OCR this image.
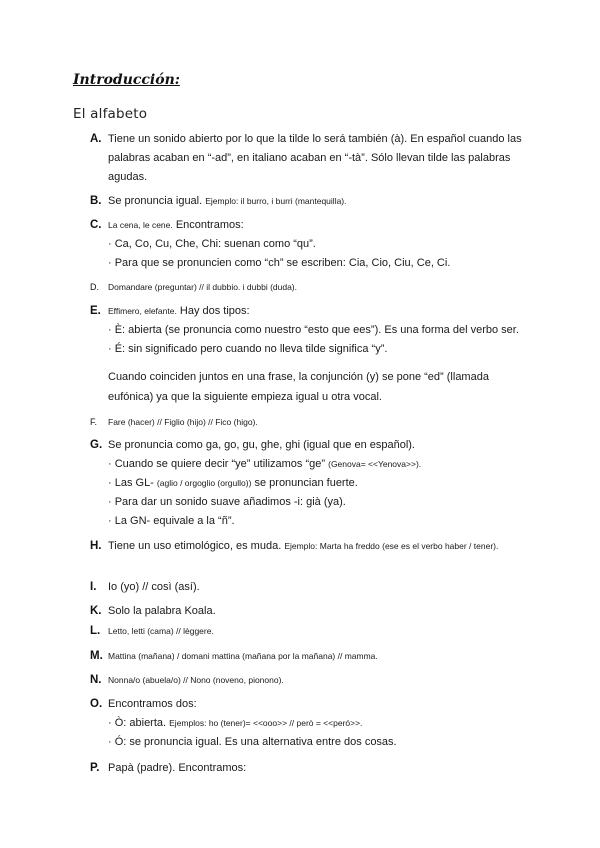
Introducción:
El alfabeto
A. Tiene un sonido abierto por lo que la tilde lo será también (à). En español cuando las palabras acaban en “-ad”, en italiano acaban en “-tà”. Sólo llevan tilde las palabras agudas.
B. Se pronuncia igual. Ejemplo: il burro, i burri (mantequilla).
C. La cena, le cene. Encontramos:
· Ca, Co, Cu, Che, Chi: suenan como “qu”.
· Para que se pronuncien como “ch” se escriben: Cia, Cio, Ciu, Ce, Ci.
D. Domandare (preguntar) // il dubbio. i dubbi (duda).
E. Effimero, elefante. Hay dos tipos:
· È: abierta (se pronuncia como nuestro “esto que ees”). Es una forma del verbo ser.
· É: sin significado pero cuando no lleva tilde significa “y”.
Cuando coinciden juntos en una frase, la conjunción (y) se pone “ed” (llamada eufónica) ya que la siguiente empieza igual u otra vocal.
F. Fare (hacer) // Figlio (hijo) // Fico (higo).
G. Se pronuncia como ga, go, gu, ghe, ghi (igual que en español).
· Cuando se quiere decir “ye” utilizamos “ge” (Genova= <<Yenova>>).
· Las GL- (aglio / orgoglio (orgullo)) se pronuncian fuerte.
· Para dar un sonido suave añadimos -i: già (ya).
· La GN- equivale a la “ñ”.
H. Tiene un uso etimológico, es muda. Ejemplo: Marta ha freddo (ese es el verbo haber / tener).
I. Io (yo) // così (así).
K. Solo la palabra Koala.
L. Letto, letti (cama) // lèggere.
M. Mattina (mañana) / domani mattina (mañana por la mañana) // mamma.
N. Nonna/o (abuela/o) // Nono (noveno, pionono).
O. Encontramos dos:
· Ò: abierta. Ejemplos: ho (tener)= <<ooo>> // però = <<peró>>.
· Ó: se pronuncia igual. Es una alternativa entre dos cosas.
P. Papà (padre). Encontramos:
